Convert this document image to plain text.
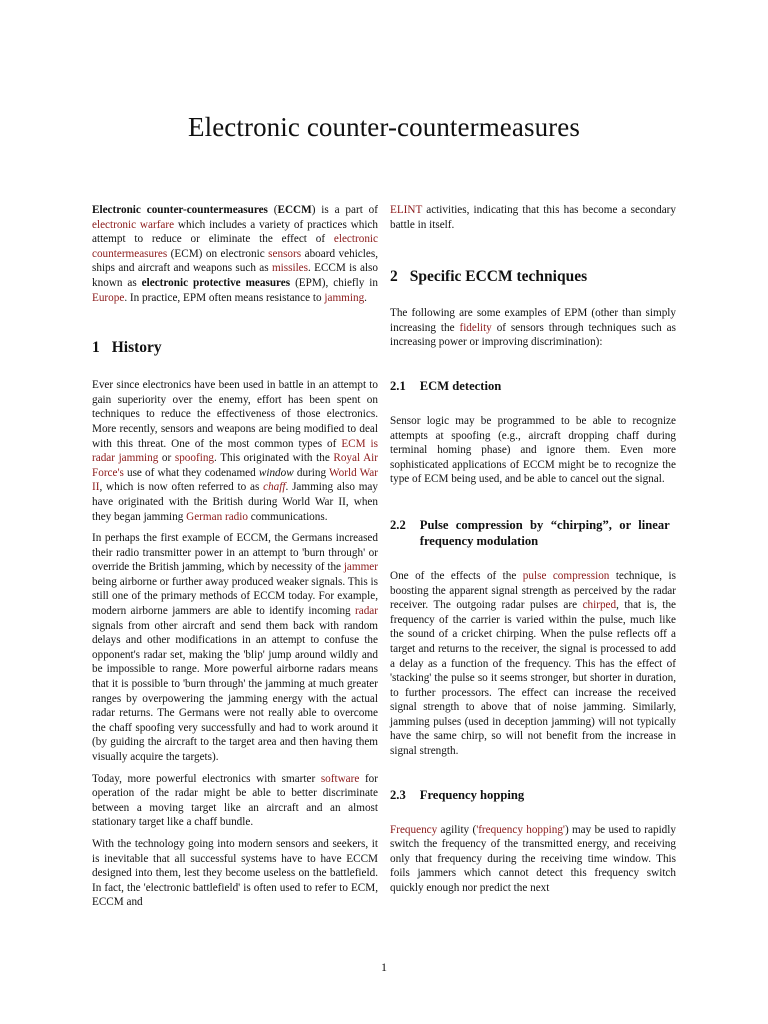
Electronic counter-countermeasures

Electronic counter-countermeasures (ECCM) is a part of electronic warfare which includes a variety of practices which attempt to reduce or eliminate the effect of electronic countermeasures (ECM) on electronic sensors aboard vehicles, ships and aircraft and weapons such as missiles. ECCM is also known as electronic protective measures (EPM), chiefly in Europe. In practice, EPM often means resistance to jamming.

1 History

Ever since electronics have been used in battle in an attempt to gain superiority over the enemy, effort has been spent on techniques to reduce the effectiveness of those electronics. More recently, sensors and weapons are being modified to deal with this threat. One of the most common types of ECM is radar jamming or spoofing. This originated with the Royal Air Force's use of what they codenamed window during World War II, which is now often referred to as chaff. Jamming also may have originated with the British during World War II, when they began jamming German radio communications.

In perhaps the first example of ECCM, the Germans increased their radio transmitter power in an attempt to 'burn through' or override the British jamming, which by necessity of the jammer being airborne or further away produced weaker signals. This is still one of the primary methods of ECCM today. For example, modern airborne jammers are able to identify incoming radar signals from other aircraft and send them back with random delays and other modifications in an attempt to confuse the opponent's radar set, making the 'blip' jump around wildly and be impossible to range. More powerful airborne radars means that it is possible to 'burn through' the jamming at much greater ranges by overpowering the jamming energy with the actual radar returns. The Germans were not really able to overcome the chaff spoofing very successfully and had to work around it (by guiding the aircraft to the target area and then having them visually acquire the targets).

Today, more powerful electronics with smarter software for operation of the radar might be able to better discriminate between a moving target like an aircraft and an almost stationary target like a chaff bundle.

With the technology going into modern sensors and seekers, it is inevitable that all successful systems have to have ECCM designed into them, lest they become useless on the battlefield. In fact, the 'electronic battlefield' is often used to refer to ECM, ECCM and

ELINT activities, indicating that this has become a secondary battle in itself.

2 Specific ECCM techniques

The following are some examples of EPM (other than simply increasing the fidelity of sensors through techniques such as increasing power or improving discrimination):

2.1 ECM detection

Sensor logic may be programmed to be able to recognize attempts at spoofing (e.g., aircraft dropping chaff during terminal homing phase) and ignore them. Even more sophisticated applications of ECCM might be to recognize the type of ECM being used, and be able to cancel out the signal.

2.2 Pulse compression by “chirping”, or linear frequency modulation

One of the effects of the pulse compression technique, is boosting the apparent signal strength as perceived by the radar receiver. The outgoing radar pulses are chirped, that is, the frequency of the carrier is varied within the pulse, much like the sound of a cricket chirping. When the pulse reflects off a target and returns to the receiver, the signal is processed to add a delay as a function of the frequency. This has the effect of 'stacking' the pulse so it seems stronger, but shorter in duration, to further processors. The effect can increase the received signal strength to above that of noise jamming. Similarly, jamming pulses (used in deception jamming) will not typically have the same chirp, so will not benefit from the increase in signal strength.

2.3 Frequency hopping

Frequency agility ('frequency hopping') may be used to rapidly switch the frequency of the transmitted energy, and receiving only that frequency during the receiving time window. This foils jammers which cannot detect this frequency switch quickly enough nor predict the next

1
